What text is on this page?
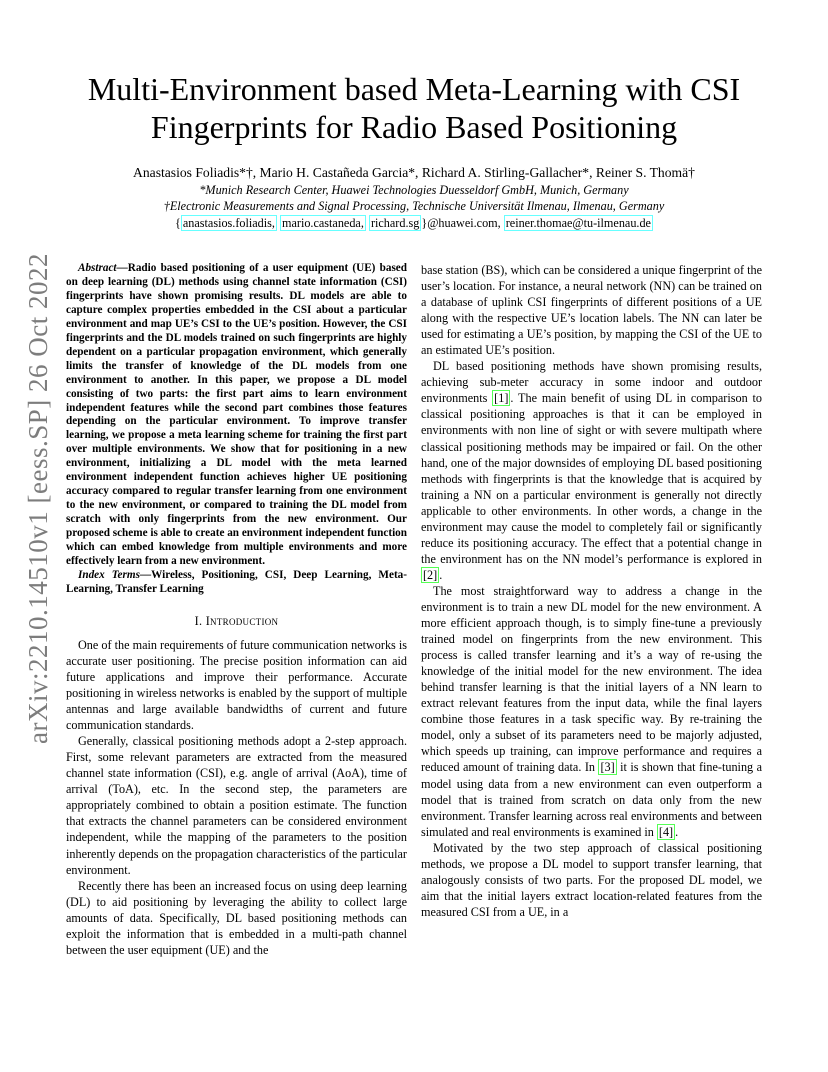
arXiv:2210.14510v1 [eess.SP] 26 Oct 2022
Multi-Environment based Meta-Learning with CSI
Fingerprints for Radio Based Positioning
Anastasios Foliadis*†, Mario H. Castañeda Garcia*, Richard A. Stirling-Gallacher*, Reiner S. Thomä†
*Munich Research Center, Huawei Technologies Duesseldorf GmbH, Munich, Germany
†Electronic Measurements and Signal Processing, Technische Universität Ilmenau, Ilmenau, Germany
{ anastasios.foliadis, mario.castaneda, richard.sg }@huawei.com, reiner.thomae@tu-ilmenau.de

Abstract—Radio based positioning of a user equipment (UE) based on deep learning (DL) methods using channel state information (CSI) fingerprints have shown promising results. DL models are able to capture complex properties embedded in the CSI about a particular environment and map UE’s CSI to the UE’s position. However, the CSI fingerprints and the DL models trained on such fingerprints are highly dependent on a particular propagation environment, which generally limits the transfer of knowledge of the DL models from one environment to another. In this paper, we propose a DL model consisting of two parts: the first part aims to learn environment independent features while the second part combines those features depending on the particular environment. To improve transfer learning, we propose a meta learning scheme for training the first part over multiple environments. We show that for positioning in a new environment, initializing a DL model with the meta learned environment independent function achieves higher UE positioning accuracy compared to regular transfer learning from one environment to the new environment, or compared to training the DL model from scratch with only fingerprints from the new environment. Our proposed scheme is able to create an environment independent function which can embed knowledge from multiple environments and more effectively learn from a new environment.

Index Terms—Wireless, Positioning, CSI, Deep Learning, Meta-Learning, Transfer Learning

I. Introduction

One of the main requirements of future communication networks is accurate user positioning. The precise position information can aid future applications and improve their performance. Accurate positioning in wireless networks is enabled by the support of multiple antennas and large available bandwidths of current and future communication standards.

Generally, classical positioning methods adopt a 2-step approach. First, some relevant parameters are extracted from the measured channel state information (CSI), e.g. angle of arrival (AoA), time of arrival (ToA), etc. In the second step, the parameters are appropriately combined to obtain a position estimate. The function that extracts the channel parameters can be considered environment independent, while the mapping of the parameters to the position inherently depends on the propagation characteristics of the particular environment.

Recently there has been an increased focus on using deep learning (DL) to aid positioning by leveraging the ability to collect large amounts of data. Specifically, DL based positioning methods can exploit the information that is embedded in a multi-path channel between the user equipment (UE) and the

base station (BS), which can be considered a unique fingerprint of the user’s location. For instance, a neural network (NN) can be trained on a database of uplink CSI fingerprints of different positions of a UE along with the respective UE’s location labels. The NN can later be used for estimating a UE’s position, by mapping the CSI of the UE to an estimated UE’s position.

DL based positioning methods have shown promising results, achieving sub-meter accuracy in some indoor and outdoor environments [1] . The main benefit of using DL in comparison to classical positioning approaches is that it can be employed in environments with non line of sight or with severe multipath where classical positioning methods may be impaired or fail. On the other hand, one of the major downsides of employing DL based positioning methods with fingerprints is that the knowledge that is acquired by training a NN on a particular environment is generally not directly applicable to other environments. In other words, a change in the environment may cause the model to completely fail or significantly reduce its positioning accuracy. The effect that a potential change in the environment has on the NN model’s performance is explored in [2] .

The most straightforward way to address a change in the environment is to train a new DL model for the new environment. A more efficient approach though, is to simply fine-tune a previously trained model on fingerprints from the new environment. This process is called transfer learning and it’s a way of re-using the knowledge of the initial model for the new environment. The idea behind transfer learning is that the initial layers of a NN learn to extract relevant features from the input data, while the final layers combine those features in a task specific way. By re-training the model, only a subset of its parameters need to be majorly adjusted, which speeds up training, can improve performance and requires a reduced amount of training data. In [3] it is shown that fine-tuning a model using data from a new environment can even outperform a model that is trained from scratch on data only from the new environment. Transfer learning across real environments and between simulated and real environments is examined in [4] .

Motivated by the two step approach of classical positioning methods, we propose a DL model to support transfer learning, that analogously consists of two parts. For the proposed DL model, we aim that the initial layers extract location-related features from the measured CSI from a UE, in a
